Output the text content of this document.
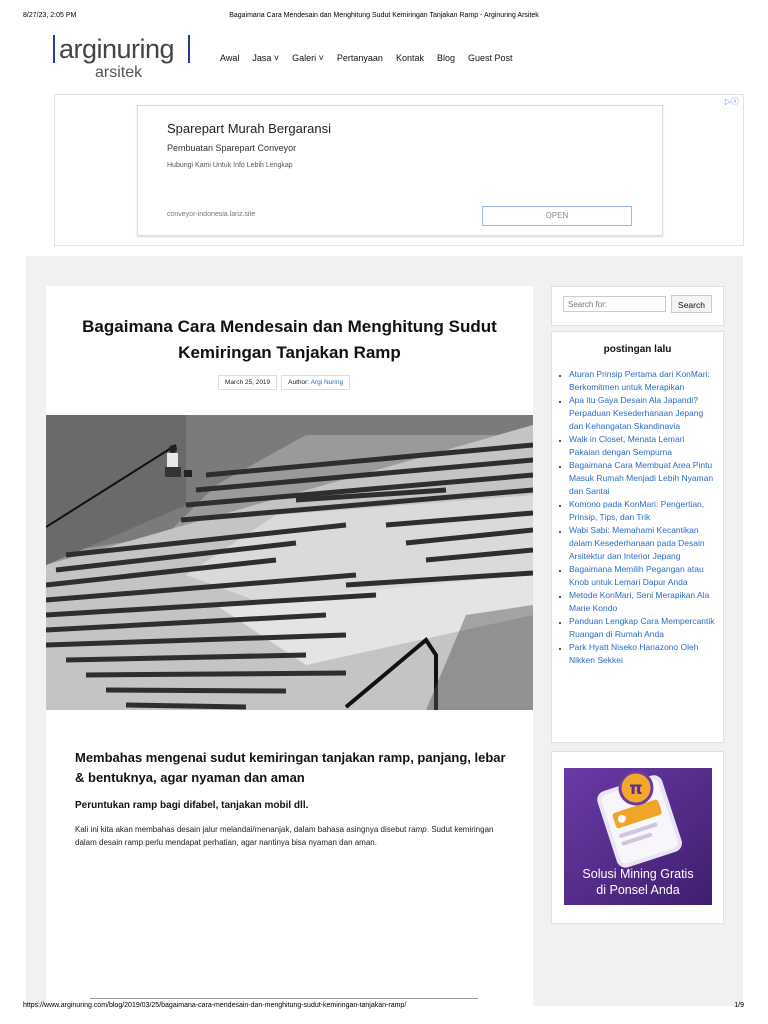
8/27/23, 2:05 PM	Bagaimana Cara Mendesain dan Menghitung Sudut Kemiringan Tanjakan Ramp - Arginuring Arsitek
arginuring
arsitek
Awal Jasa ˅ Galeri ˅ Pertanyaan Kontak Blog Guest Post
▷ⓧ
Sparepart Murah Bergaransi
Pembuatan Sparepart Conveyor
Hubungi Kami Untuk Info Lebih Lengkap
conveyor-indonesia.lariz.site	OPEN
Bagaimana Cara Mendesain dan Menghitung Sudut Kemiringan Tanjakan Ramp
March 25, 2019	Author: Argi Nuring
Membahas mengenai sudut kemiringan tanjakan ramp, panjang, lebar & bentuknya, agar nyaman dan aman
Peruntukan ramp bagi difabel, tanjakan mobil dll.

Kali ini kita akan membahas desain jalur melandai/menanjak, dalam bahasa asingnya disebut ramp. Sudut kemiringan dalam desain ramp perlu mendapat perhatian, agar nantinya bisa nyaman dan aman.

Search for:	Search
postingan lalu
• Aturan Prinsip Pertama dari KonMari: Berkomitmen untuk Merapikan
• Apa itu Gaya Desain Ala Japandi? Perpaduan Kesederhanaan Jepang dan Kehangatan Skandinavia
• Walk in Closet, Menata Lemari Pakaian dengan Sempurna
• Bagaimana Cara Membuat Area Pintu Masuk Rumah Menjadi Lebih Nyaman dan Santai
• Komono pada KonMari: Pengertian, Prinsip, Tips, dan Trik
• Wabi Sabi: Memahami Kecantikan dalam Kesederhanaan pada Desain Arsitektur dan Interior Jepang
• Bagaimana Memilih Pegangan atau Knob untuk Lemari Dapur Anda
• Metode KonMari, Seni Merapikan Ala Marie Kondo
• Panduan Lengkap Cara Mempercantik Ruangan di Rumah Anda
• Park Hyatt Niseko Hanazono Oleh Nikken Sekkei
π
Solusi Mining Gratis
di Ponsel Anda
https://www.arginuring.com/blog/2019/03/25/bagaimana-cara-mendesain-dan-menghitung-sudut-kemiringan-tanjakan-ramp/	1/9
